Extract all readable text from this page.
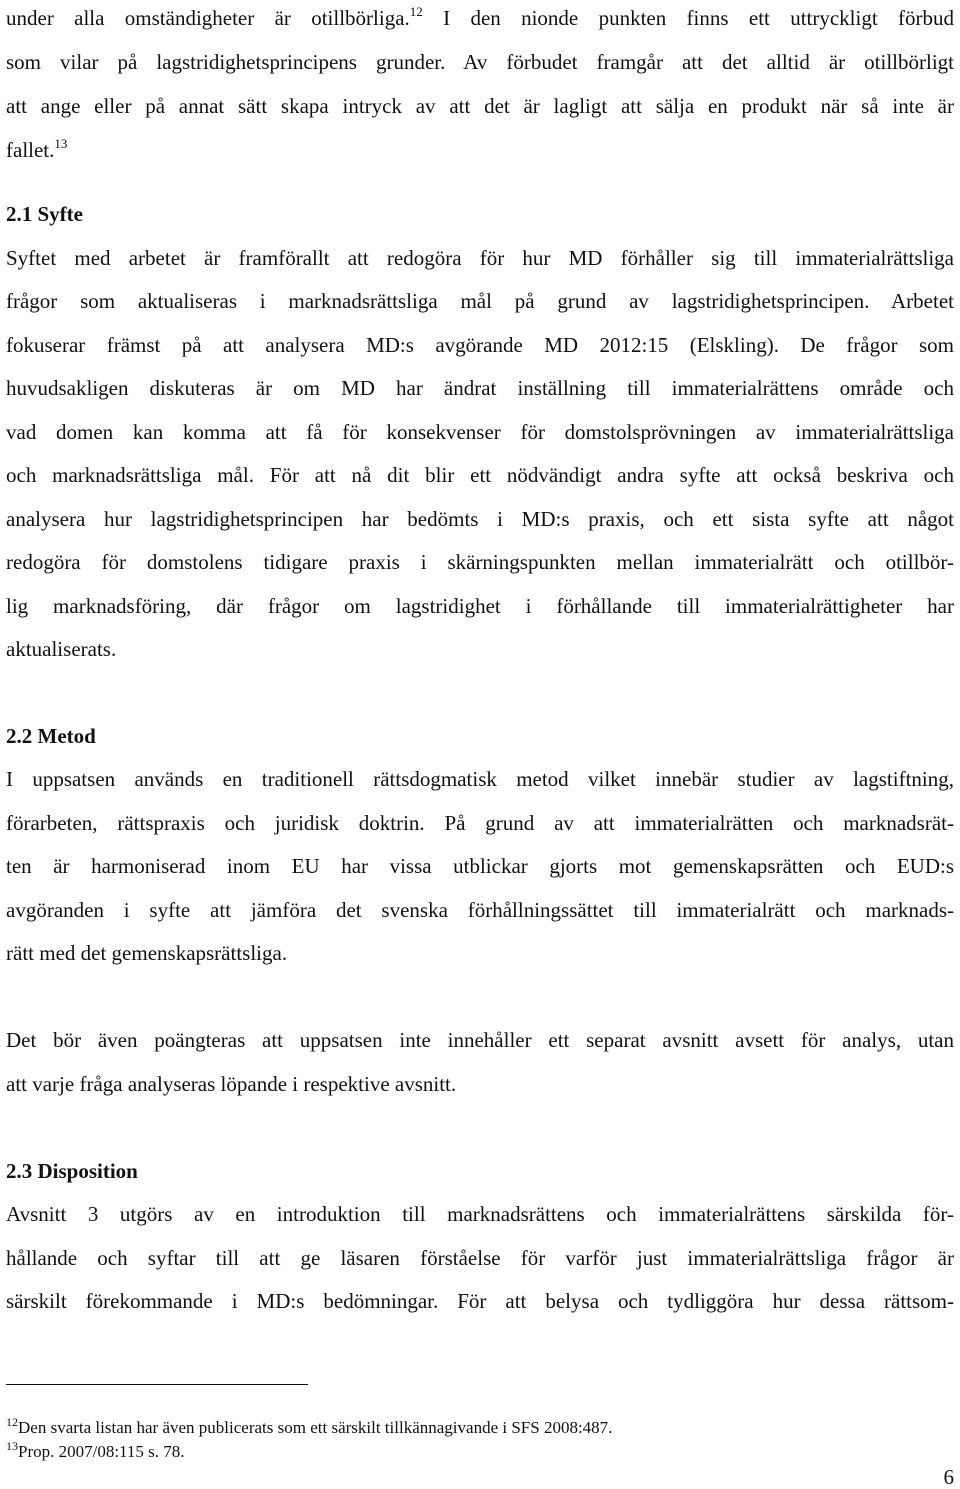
under alla omständigheter är otillbörliga.$^{12}$ I den nionde punkten finns ett uttryckligt förbud
som vilar på lagstridighetsprincipens grunder. Av förbudet framgår att det alltid är otillbörligt
att ange eller på annat sätt skapa intryck av att det är lagligt att sälja en produkt när så inte är
fallet.$^{13}$
2.1 Syfte
Syftet med arbetet är framförallt att redogöra för hur MD förhåller sig till immaterialrättsliga
frågor som aktualiseras i marknadsrättsliga mål på grund av lagstridighetsprincipen. Arbetet
fokuserar främst på att analysera MD:s avgörande MD 2012:15 (Elskling). De frågor som
huvudsakligen diskuteras är om MD har ändrat inställning till immaterialrättens område och
vad domen kan komma att få för konsekvenser för domstolsprövningen av immaterialrättsliga
och marknadsrättsliga mål. För att nå dit blir ett nödvändigt andra syfte att också beskriva och
analysera hur lagstridighetsprincipen har bedömts i MD:s praxis, och ett sista syfte att något
redogöra för domstolens tidigare praxis i skärningspunkten mellan immaterialrätt och otillbör-
lig marknadsföring, där frågor om lagstridighet i förhållande till immaterialrättigheter har
aktualiserats.
2.2 Metod
I uppsatsen används en traditionell rättsdogmatisk metod vilket innebär studier av lagstiftning,
förarbeten, rättspraxis och juridisk doktrin. På grund av att immaterialrätten och marknadsrät-
ten är harmoniserad inom EU har vissa utblickar gjorts mot gemenskapsrätten och EUD:s
avgöranden i syfte att jämföra det svenska förhållningssättet till immaterialrätt och marknads-
rätt med det gemenskapsrättsliga.
Det bör även poängteras att uppsatsen inte innehåller ett separat avsnitt avsett för analys, utan
att varje fråga analyseras löpande i respektive avsnitt.
2.3 Disposition
Avsnitt 3 utgörs av en introduktion till marknadsrättens och immaterialrättens särskilda för-
hållande och syftar till att ge läsaren förståelse för varför just immaterialrättsliga frågor är
särskilt förekommande i MD:s bedömningar. För att belysa och tydliggöra hur dessa rättsom-
$^{12}$Den svarta listan har även publicerats som ett särskilt tillkännagivande i SFS 2008:487.
$^{13}$Prop. 2007/08:115 s. 78.
6
